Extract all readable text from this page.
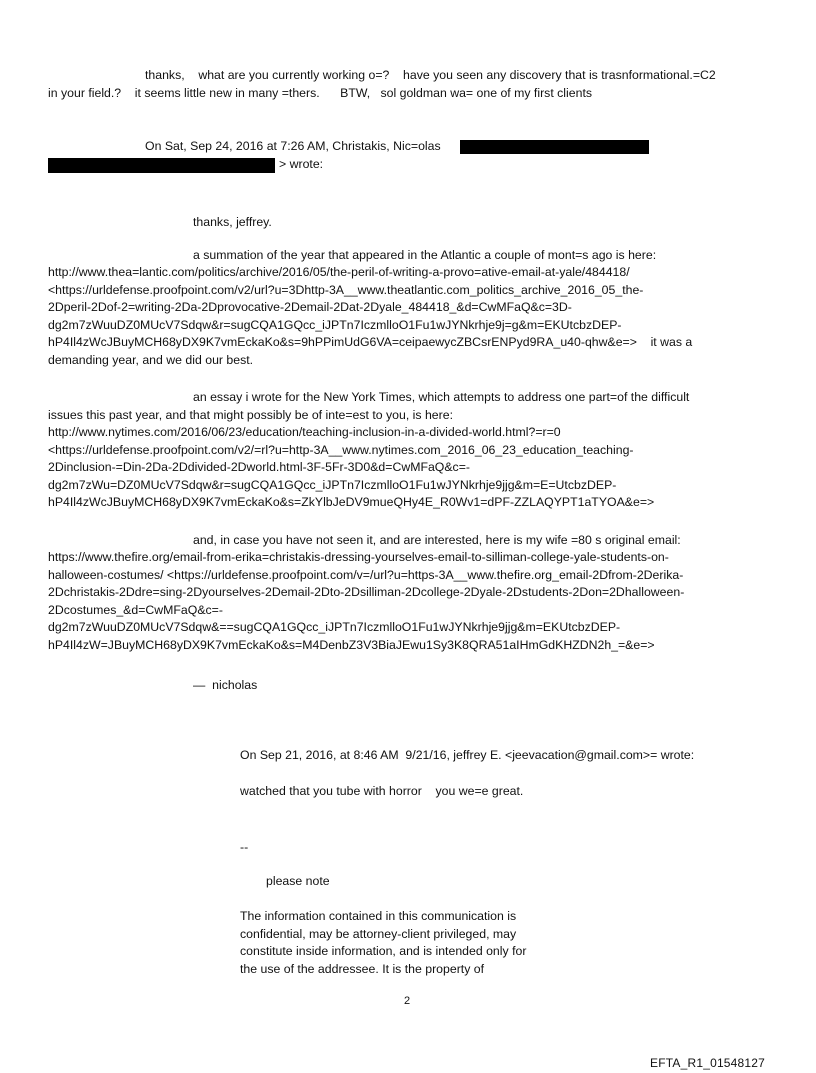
thanks,    what are you currently working o=?    have you seen any discovery that is trasnformational.=C2
in your field.?    it seems little new in many =thers.      BTW,   sol goldman wa= one of my first clients
On Sat, Sep 24, 2016 at 7:26 AM, Christakis, Nic=olas
> wrote:
thanks, jeffrey.
a summation of the year that appeared in the Atlantic a couple of mont=s ago is here:
http://www.thea=lantic.com/politics/archive/2016/05/the-peril-of-writing-a-provo=ative-email-at-yale/484418/
<https://urldefense.proofpoint.com/v2/url?u=3Dhttp-3A__www.theatlantic.com_politics_archive_2016_05_the-
2Dperil-2Dof-2=writing-2Da-2Dprovocative-2Demail-2Dat-2Dyale_484418_&d=CwMFaQ&c=3D-
dg2m7zWuuDZ0MUcV7Sdqw&r=sugCQA1GQcc_iJPTn7IczmlloO1Fu1wJYNkrhje9j=g&m=EKUtcbzDEP-
hP4Il4zWcJBuyMCH68yDX9K7vmEckaKo&s=9hPPimUdG6VA=ceipaewycZBCsrENPyd9RA_u40-qhw&e=>    it was a
demanding year, and we did our best.
an essay i wrote for the New York Times, which attempts to address one part=of the difficult
issues this past year, and that might possibly be of inte=est to you, is here:
http://www.nytimes.com/2016/06/23/education/teaching-inclusion-in-a-divided-world.html?=r=0
<https://urldefense.proofpoint.com/v2/=rl?u=http-3A__www.nytimes.com_2016_06_23_education_teaching-
2Dinclusion-=Din-2Da-2Ddivided-2Dworld.html-3F-5Fr-3D0&d=CwMFaQ&c=-
dg2m7zWu=DZ0MUcV7Sdqw&r=sugCQA1GQcc_iJPTn7IczmlloO1Fu1wJYNkrhje9jjg&m=E=UtcbzDEP-
hP4Il4zWcJBuyMCH68yDX9K7vmEckaKo&s=ZkYlbJeDV9mueQHy4E_R0Wv1=dPF-ZZLAQYPT1aTYOA&e=>
and, in case you have not seen it, and are interested, here is my wife =80 s original email:
https://www.thefire.org/email-from-erika=christakis-dressing-yourselves-email-to-silliman-college-yale-students-on-
halloween-costumes/ <https://urldefense.proofpoint.com/v=/url?u=https-3A__www.thefire.org_email-2Dfrom-2Derika-
2Dchristakis-2Ddre=sing-2Dyourselves-2Demail-2Dto-2Dsilliman-2Dcollege-2Dyale-2Dstudents-2Don=2Dhalloween-
2Dcostumes_&d=CwMFaQ&c=-
dg2m7zWuuDZ0MUcV7Sdqw&==sugCQA1GQcc_iJPTn7IczmlloO1Fu1wJYNkrhje9jjg&m=EKUtcbzDEP-
hP4Il4zW=JBuyMCH68yDX9K7vmEckaKo&s=M4DenbZ3V3BiaJEwu1Sy3K8QRA51aIHmGdKHZDN2h_=&e=>
—  nicholas
On Sep 21, 2016, at 8:46 AM  9/21/16, jeffrey E. <jeevacation@gmail.com>= wrote:
watched that you tube with horror    you we=e great.
--
please note
The information contained in this communication is
confidential, may be attorney-client privileged, may
constitute inside information, and is intended only for
the use of the addressee. It is the property of
2
EFTA_R1_01548127
